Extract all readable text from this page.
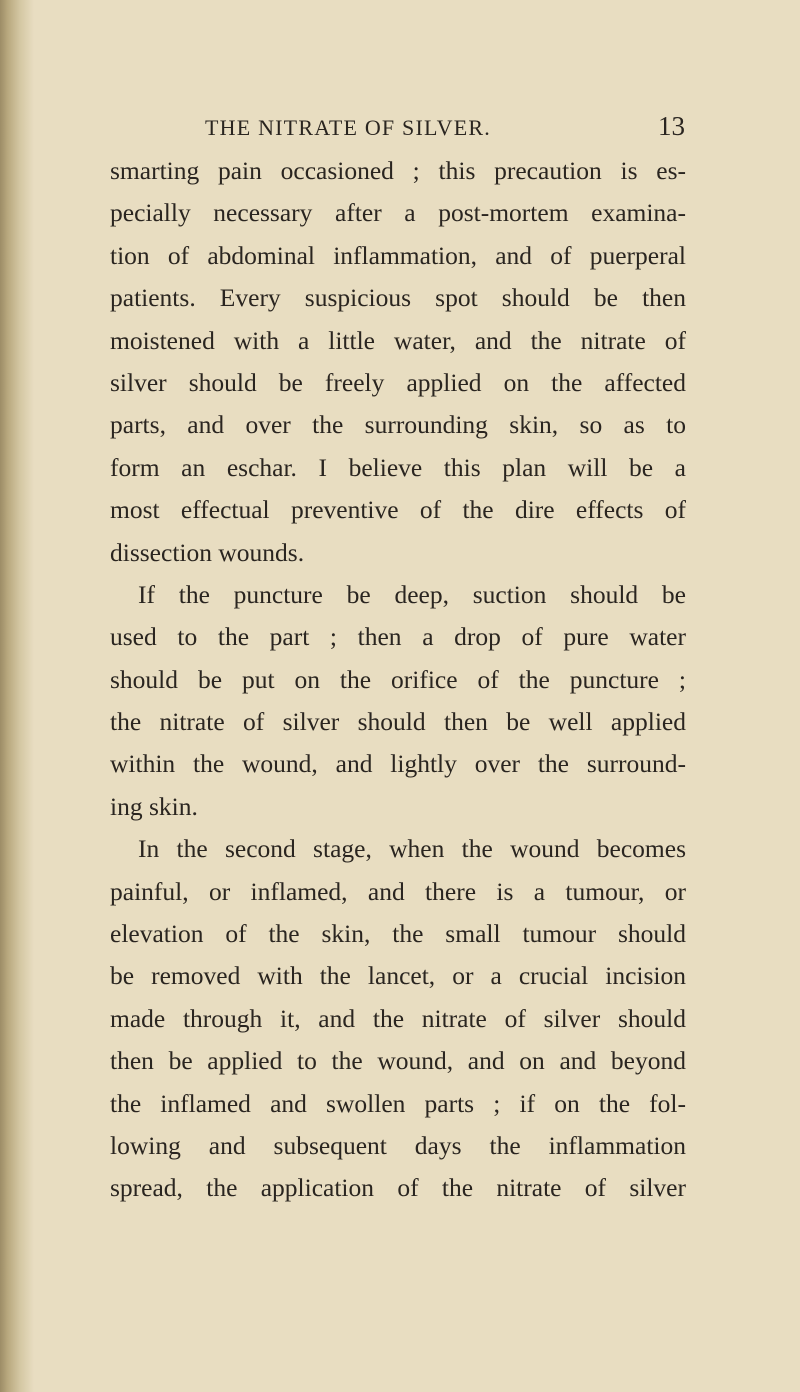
THE NITRATE OF SILVER.	13
smarting pain occasioned ; this precaution is es-
pecially necessary after a post-mortem examina-
tion of abdominal inflammation, and of puerperal
patients. Every suspicious spot should be then
moistened with a little water, and the nitrate of
silver should be freely applied on the affected
parts, and over the surrounding skin, so as to
form an eschar. I believe this plan will be a
most effectual preventive of the dire effects of
dissection wounds.
If the puncture be deep, suction should be
used to the part ; then a drop of pure water
should be put on the orifice of the puncture ;
the nitrate of silver should then be well applied
within the wound, and lightly over the surround-
ing skin.
In the second stage, when the wound becomes
painful, or inflamed, and there is a tumour, or
elevation of the skin, the small tumour should
be removed with the lancet, or a crucial incision
made through it, and the nitrate of silver should
then be applied to the wound, and on and beyond
the inflamed and swollen parts ; if on the fol-
lowing and subsequent days the inflammation
spread, the application of the nitrate of silver
